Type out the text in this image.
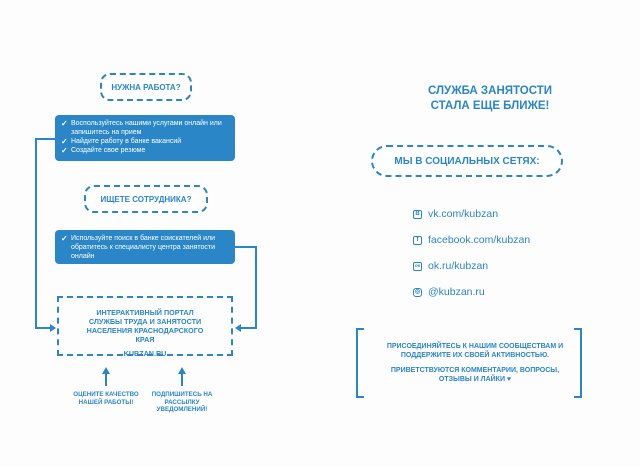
НУЖНА РАБОТА?
✓ Воспользуйтесь нашими услугами онлайн или запишитесь на прием
✓ Найдите работу в банке вакансий
✓ Создайте свое резюме
ИЩЕТЕ СОТРУДНИКА?
✓ Используйте поиск в банке соискателей или обратитесь к специалисту центра занятости онлайн
ИНТЕРАКТИВНЫЙ ПОРТАЛ СЛУЖБЫ ТРУДА И ЗАНЯТОСТИ НАСЕЛЕНИЯ КРАСНОДАРСКОГО КРАЯ
KUBZAN.RU
ОЦЕНИТЕ КАЧЕСТВО НАШЕЙ РАБОТЫ!
ПОДПИШИТЕСЬ НА РАССЫЛКУ УВЕДОМЛЕНИЙ!
СЛУЖБА ЗАНЯТОСТИ СТАЛА ЕЩЕ БЛИЖЕ!
МЫ В СОЦИАЛЬНЫХ СЕТЯХ:
В vk.com/kubzan
f facebook.com/kubzan
ок ok.ru/kubzan
◎ @kubzan.ru
ПРИСОЕДИНЯЙТЕСЬ К НАШИМ СООБЩЕСТВАМ И ПОДДЕРЖИТЕ ИХ СВОЕЙ АКТИВНОСТЬЮ.
ПРИВЕТСТВУЮТСЯ КОММЕНТАРИИ, ВОПРОСЫ, ОТЗЫВЫ И ЛАЙКИ ♥
